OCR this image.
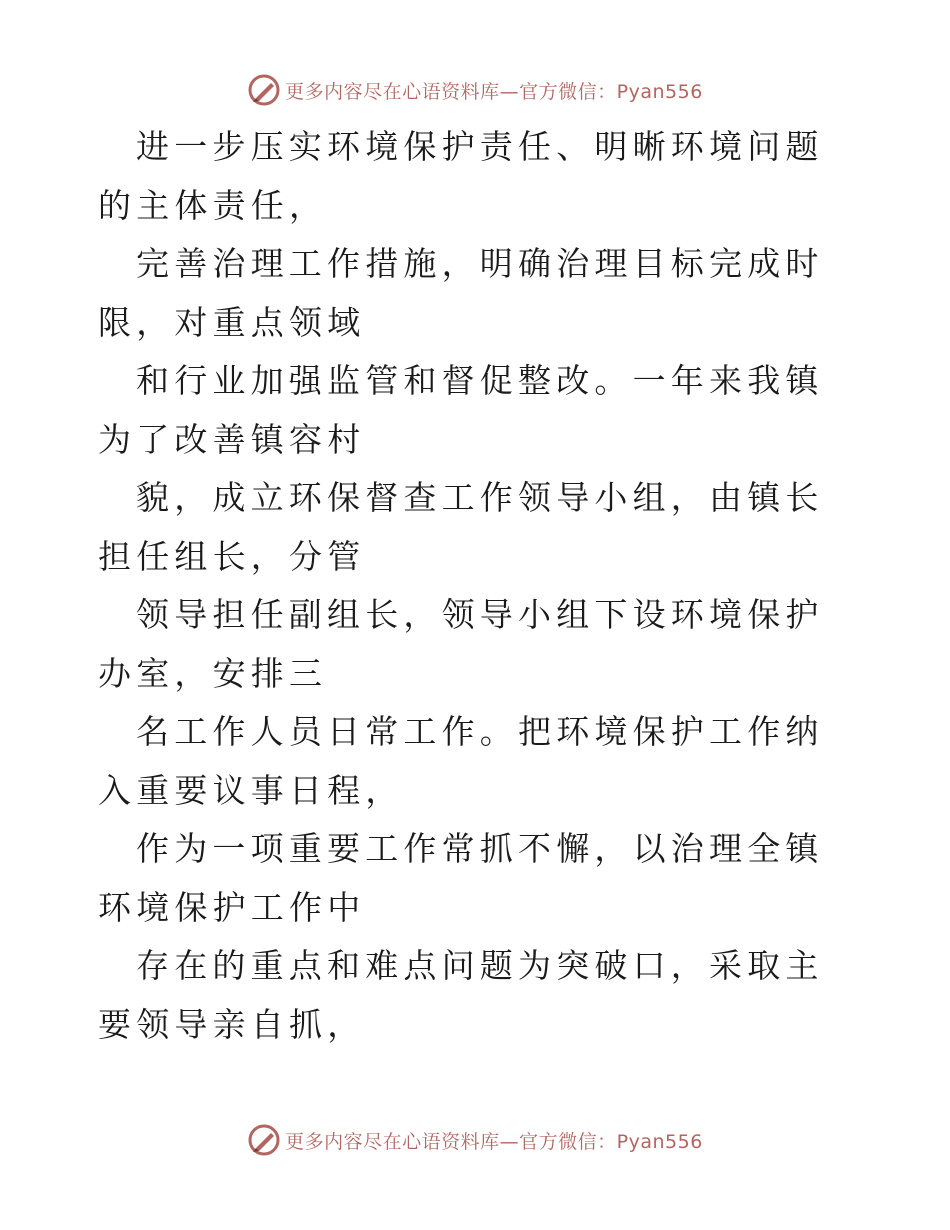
更多内容尽在心语资料库—官方微信：Pyan556

进一步压实环境保护责任、明晰环境问题的主体责任，

完善治理工作措施，明确治理目标完成时限，对重点领域

和行业加强监管和督促整改。一年来我镇为了改善镇容村

貌，成立环保督查工作领导小组，由镇长担任组长，分管

领导担任副组长，领导小组下设环境保护办室，安排三

名工作人员日常工作。把环境保护工作纳入重要议事日程，

作为一项重要工作常抓不懈，以治理全镇环境保护工作中

存在的重点和难点问题为突破口，采取主要领导亲自抓，

更多内容尽在心语资料库—官方微信：Pyan556
